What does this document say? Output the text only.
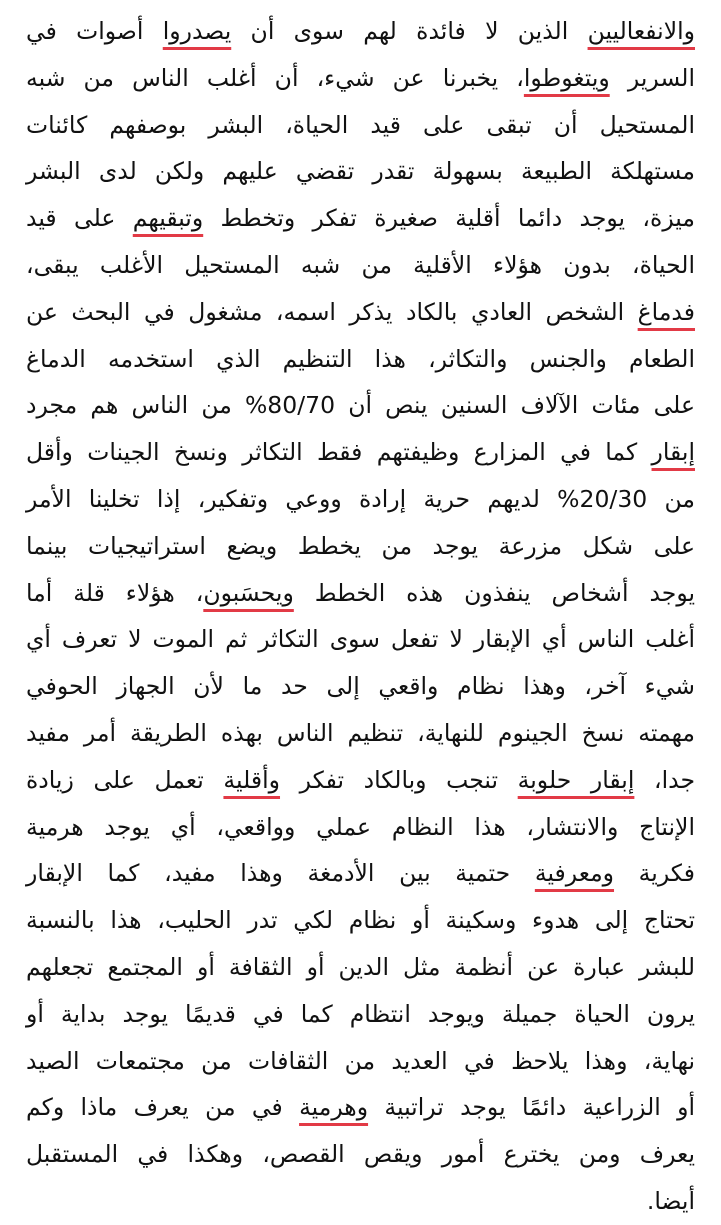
والانفعاليين الذين لا فائدة لهم سوى أن يصدروا أصوات في
السرير ويتغوطوا، يخبرنا عن شيء، أن أغلب الناس من شبه
المستحيل أن تبقى على قيد الحياة، البشر بوصفهم كائنات
مستهلكة الطبيعة بسهولة تقدر تقضي عليهم ولكن لدى البشر
ميزة، يوجد دائما أقلية صغيرة تفكر وتخطط وتبقيهم على قيد
الحياة، بدون هؤلاء الأقلية من شبه المستحيل الأغلب يبقى،
فدماغ الشخص العادي بالكاد يذكر اسمه، مشغول في البحث عن
الطعام والجنس والتكاثر، هذا التنظيم الذي استخدمه الدماغ
على مئات الآلاف السنين ينص أن 80/70% من الناس هم مجرد
إبقار كما في المزارع وظيفتهم فقط التكاثر ونسخ الجينات وأقل
من 20/30% لديهم حرية إرادة ووعي وتفكير، إذا تخلينا الأمر
على شكل مزرعة يوجد من يخطط ويضع استراتيجيات بينما
يوجد أشخاص ينفذون هذه الخطط ويحسَبون، هؤلاء قلة أما
أغلب الناس أي الإبقار لا تفعل سوى التكاثر ثم الموت لا تعرف أي
شيء آخر، وهذا نظام واقعي إلى حد ما لأن الجهاز الحوفي
مهمته نسخ الجينوم للنهاية، تنظيم الناس بهذه الطريقة أمر مفيد
جدا، إبقار حلوبة تنجب وبالكاد تفكر وأقلية تعمل على زيادة
الإنتاج والانتشار، هذا النظام عملي وواقعي، أي يوجد هرمية
فكرية ومعرفية حتمية بين الأدمغة وهذا مفيد، كما الإبقار
تحتاج إلى هدوء وسكينة أو نظام لكي تدر الحليب، هذا بالنسبة
للبشر عبارة عن أنظمة مثل الدين أو الثقافة أو المجتمع تجعلهم
يرون الحياة جميلة ويوجد انتظام كما في قديمًا يوجد بداية أو
نهاية، وهذا يلاحظ في العديد من الثقافات من مجتمعات الصيد
أو الزراعية دائمًا يوجد تراتبية وهرمية في من يعرف ماذا وكم
يعرف ومن يخترع أمور ويقص القصص، وهكذا في المستقبل
أيضا.
